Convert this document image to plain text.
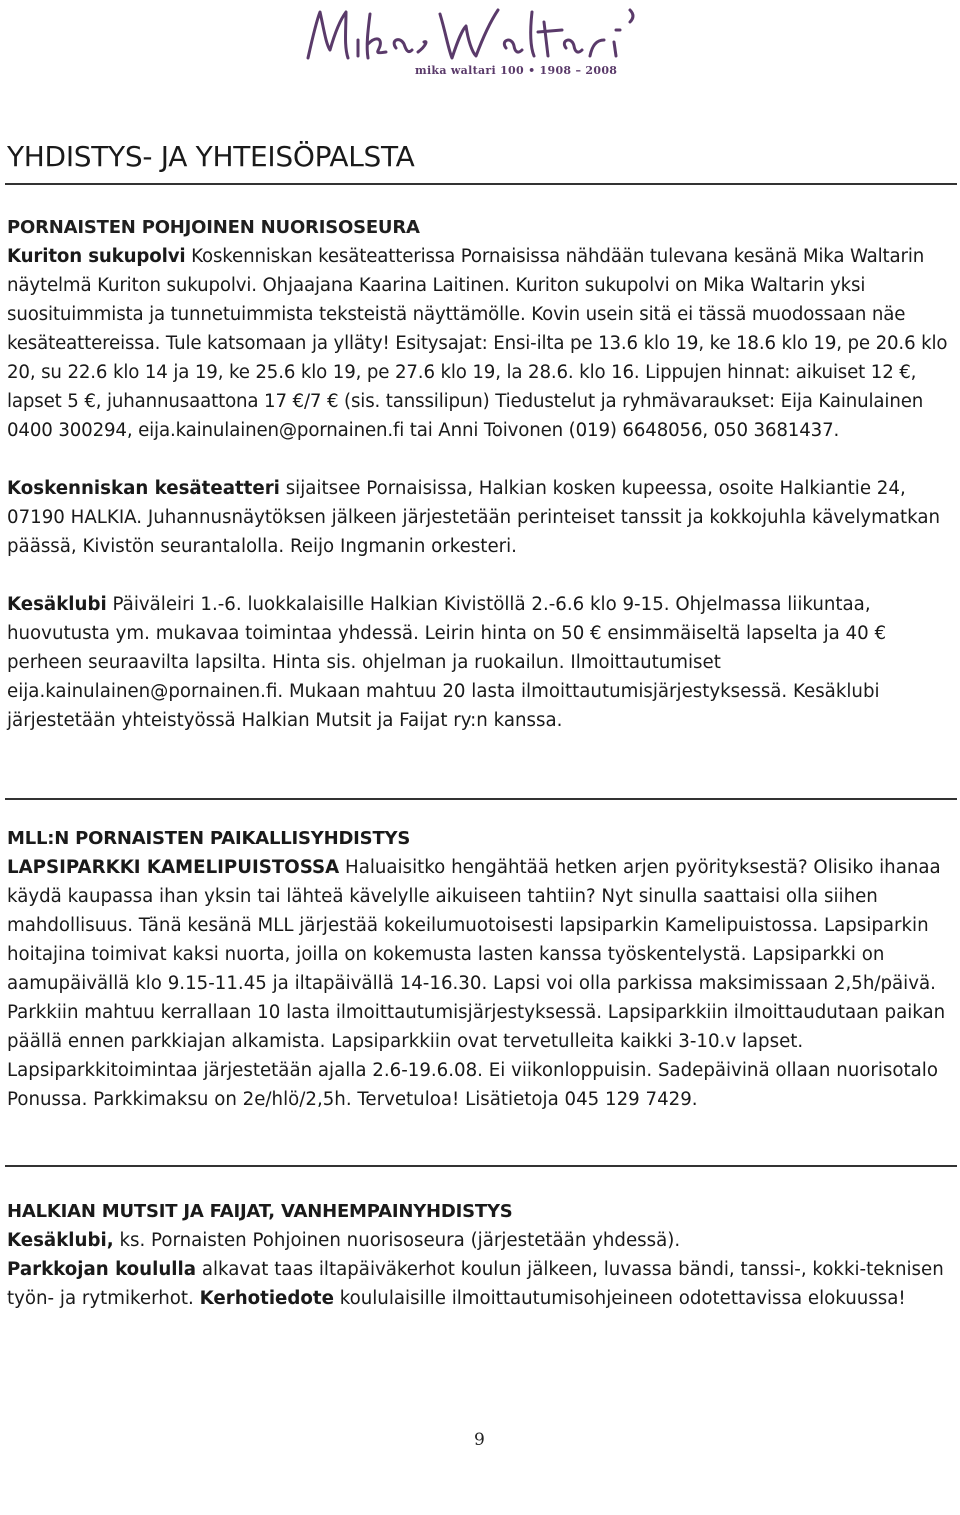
mika waltari 100 • 1908 – 2008
YHDISTYS- JA YHTEISÖPALSTA

PORNAISTEN POHJOINEN NUORISOSEURA

Kuriton sukupolvi Koskenniskan kesäteatterissa Pornaisissa nähdään tulevana kesänä Mika Waltarin näytelmä Kuriton sukupolvi. Ohjaajana Kaarina Laitinen. Kuriton sukupolvi on Mika Waltarin yksi suosituimmista ja tunnetuimmista teksteistä näyttämölle. Kovin usein sitä ei tässä muodossaan näe kesäteattereissa. Tule katsomaan ja ylläty! Esitysajat: Ensi-ilta pe 13.6 klo 19, ke 18.6 klo 19, pe 20.6 klo 20, su 22.6 klo 14 ja 19, ke 25.6 klo 19, pe 27.6 klo 19, la 28.6. klo 16. Lippujen hinnat: aikuiset 12 €, lapset 5 €, juhannusaattona 17 €/7 € (sis. tanssilipun) Tiedustelut ja ryhmävaraukset: Eija Kainulainen 0400 300294, eija.kainulainen@pornainen.fi tai Anni Toivonen (019) 6648056, 050 3681437.

Koskenniskan kesäteatteri sijaitsee Pornaisissa, Halkian kosken kupeessa, osoite Halkiantie 24, 07190 HALKIA. Juhannusnäytöksen jälkeen järjestetään perinteiset tanssit ja kokkojuhla kävelymatkan päässä, Kivistön seurantalolla. Reijo Ingmanin orkesteri.

Kesäklubi Päiväleiri 1.-6. luokkalaisille Halkian Kivistöllä 2.-6.6 klo 9-15. Ohjelmassa liikuntaa, huovutusta ym. mukavaa toimintaa yhdessä. Leirin hinta on 50 € ensimmäiseltä lapselta ja 40 € perheen seuraavilta lapsilta. Hinta sis. ohjelman ja ruokailun. Ilmoittautumiset eija.kainulainen@pornainen.fi. Mukaan mahtuu 20 lasta ilmoittautumisjärjestyksessä. Kesäklubi järjestetään yhteistyössä Halkian Mutsit ja Faijat ry:n kanssa.

MLL:N PORNAISTEN PAIKALLISYHDISTYS

LAPSIPARKKI KAMELIPUISTOSSA Haluaisitko hengähtää hetken arjen pyörityksestä? Olisiko ihanaa käydä kaupassa ihan yksin tai lähteä kävelylle aikuiseen tahtiin? Nyt sinulla saattaisi olla siihen mahdollisuus. Tänä kesänä MLL järjestää kokeilumuotoisesti lapsiparkin Kamelipuistossa. Lapsiparkin hoitajina toimivat kaksi nuorta, joilla on kokemusta lasten kanssa työskentelystä. Lapsiparkki on aamupäivällä klo 9.15-11.45 ja iltapäivällä 14-16.30. Lapsi voi olla parkissa maksimissaan 2,5h/päivä. Parkkiin mahtuu kerrallaan 10 lasta ilmoittautumisjärjestyksessä. Lapsiparkkiin ilmoittaudutaan paikan päällä ennen parkkiajan alkamista. Lapsiparkkiin ovat tervetulleita kaikki 3-10.v lapset. Lapsiparkkitoimintaa järjestetään ajalla 2.6-19.6.08. Ei viikonloppuisin. Sadepäivinä ollaan nuorisotalo Ponussa. Parkkimaksu on 2e/hlö/2,5h. Tervetuloa! Lisätietoja 045 129 7429.

HALKIAN MUTSIT JA FAIJAT, VANHEMPAINYHDISTYS

Kesäklubi, ks. Pornaisten Pohjoinen nuorisoseura (järjestetään yhdessä).

Parkkojan koululla alkavat taas iltapäiväkerhot koulun jälkeen, luvassa bändi, tanssi-, kokki-teknisen työn- ja rytmikerhot. Kerhotiedote koululaisille ilmoittautumisohjeineen odotettavissa elokuussa!

9
